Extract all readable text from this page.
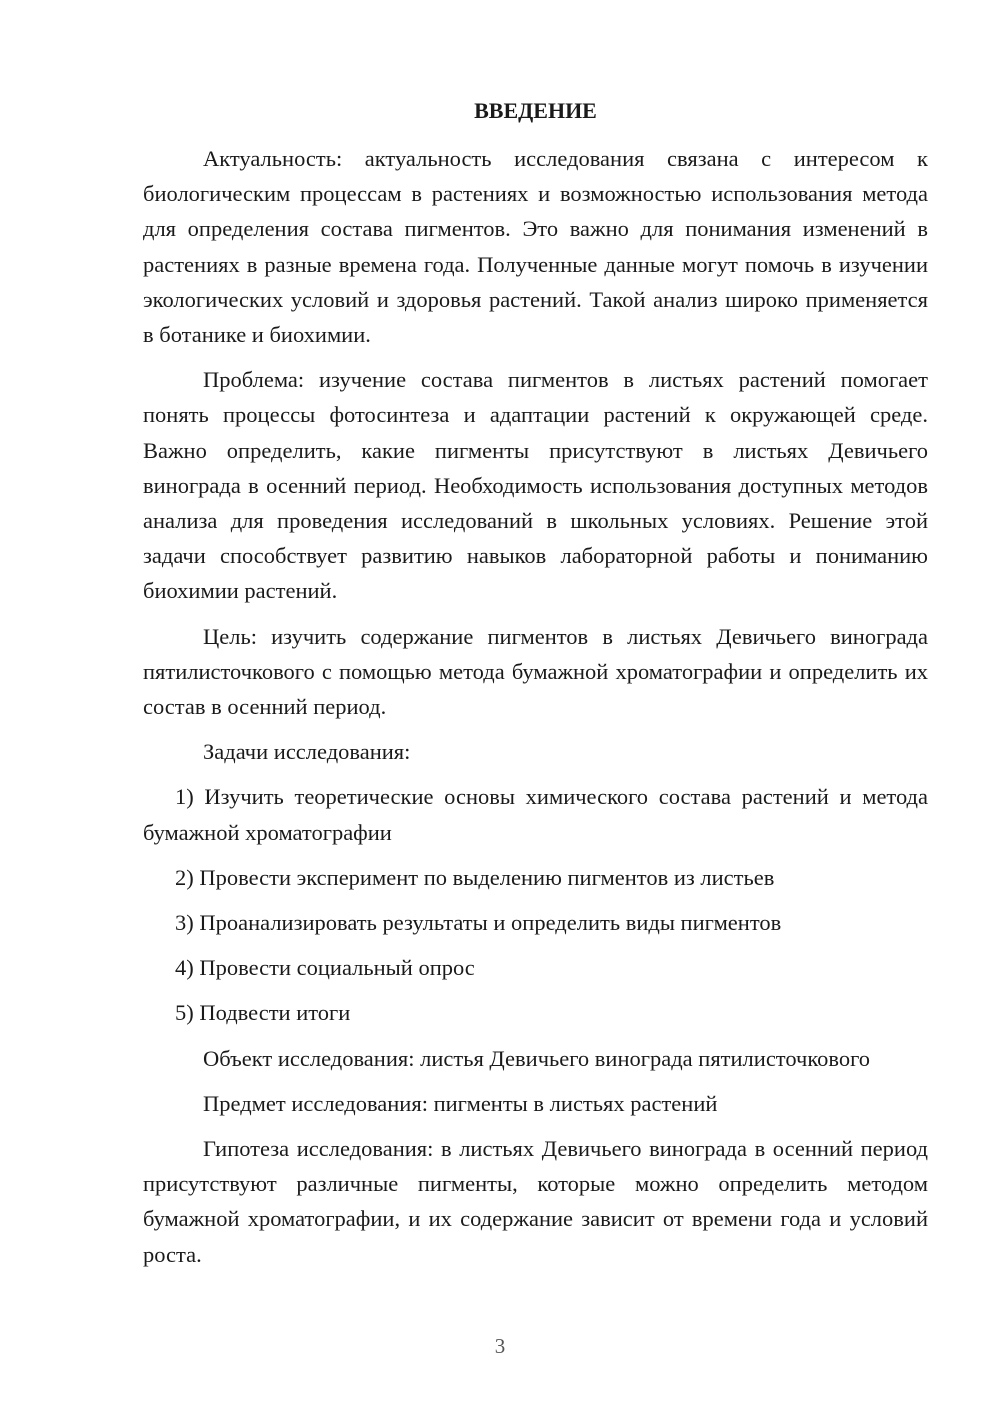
ВВЕДЕНИЕ

Актуальность: актуальность исследования связана с интересом к биологическим процессам в растениях и возможностью использования метода для определения состава пигментов. Это важно для понимания изменений в растениях в разные времена года. Полученные данные могут помочь в изучении экологических условий и здоровья растений. Такой анализ широко применяется в ботанике и биохимии.

Проблема: изучение состава пигментов в листьях растений помогает понять процессы фотосинтеза и адаптации растений к окружающей среде. Важно определить, какие пигменты присутствуют в листьях Девичьего винограда в осенний период. Необходимость использования доступных методов анализа для проведения исследований в школьных условиях. Решение этой задачи способствует развитию навыков лабораторной работы и пониманию биохимии растений.

Цель: изучить содержание пигментов в листьях Девичьего винограда пятилисточкового с помощью метода бумажной хроматографии и определить их состав в осенний период.

Задачи исследования:

1) Изучить теоретические основы химического состава растений и метода бумажной хроматографии

2) Провести эксперимент по выделению пигментов из листьев

3) Проанализировать результаты и определить виды пигментов

4) Провести социальный опрос

5) Подвести итоги

Объект исследования: листья Девичьего винограда пятилисточкового

Предмет исследования: пигменты в листьях растений

Гипотеза исследования: в листьях Девичьего винограда в осенний период присутствуют различные пигменты, которые можно определить методом бумажной хроматографии, и их содержание зависит от времени года и условий роста.

3
